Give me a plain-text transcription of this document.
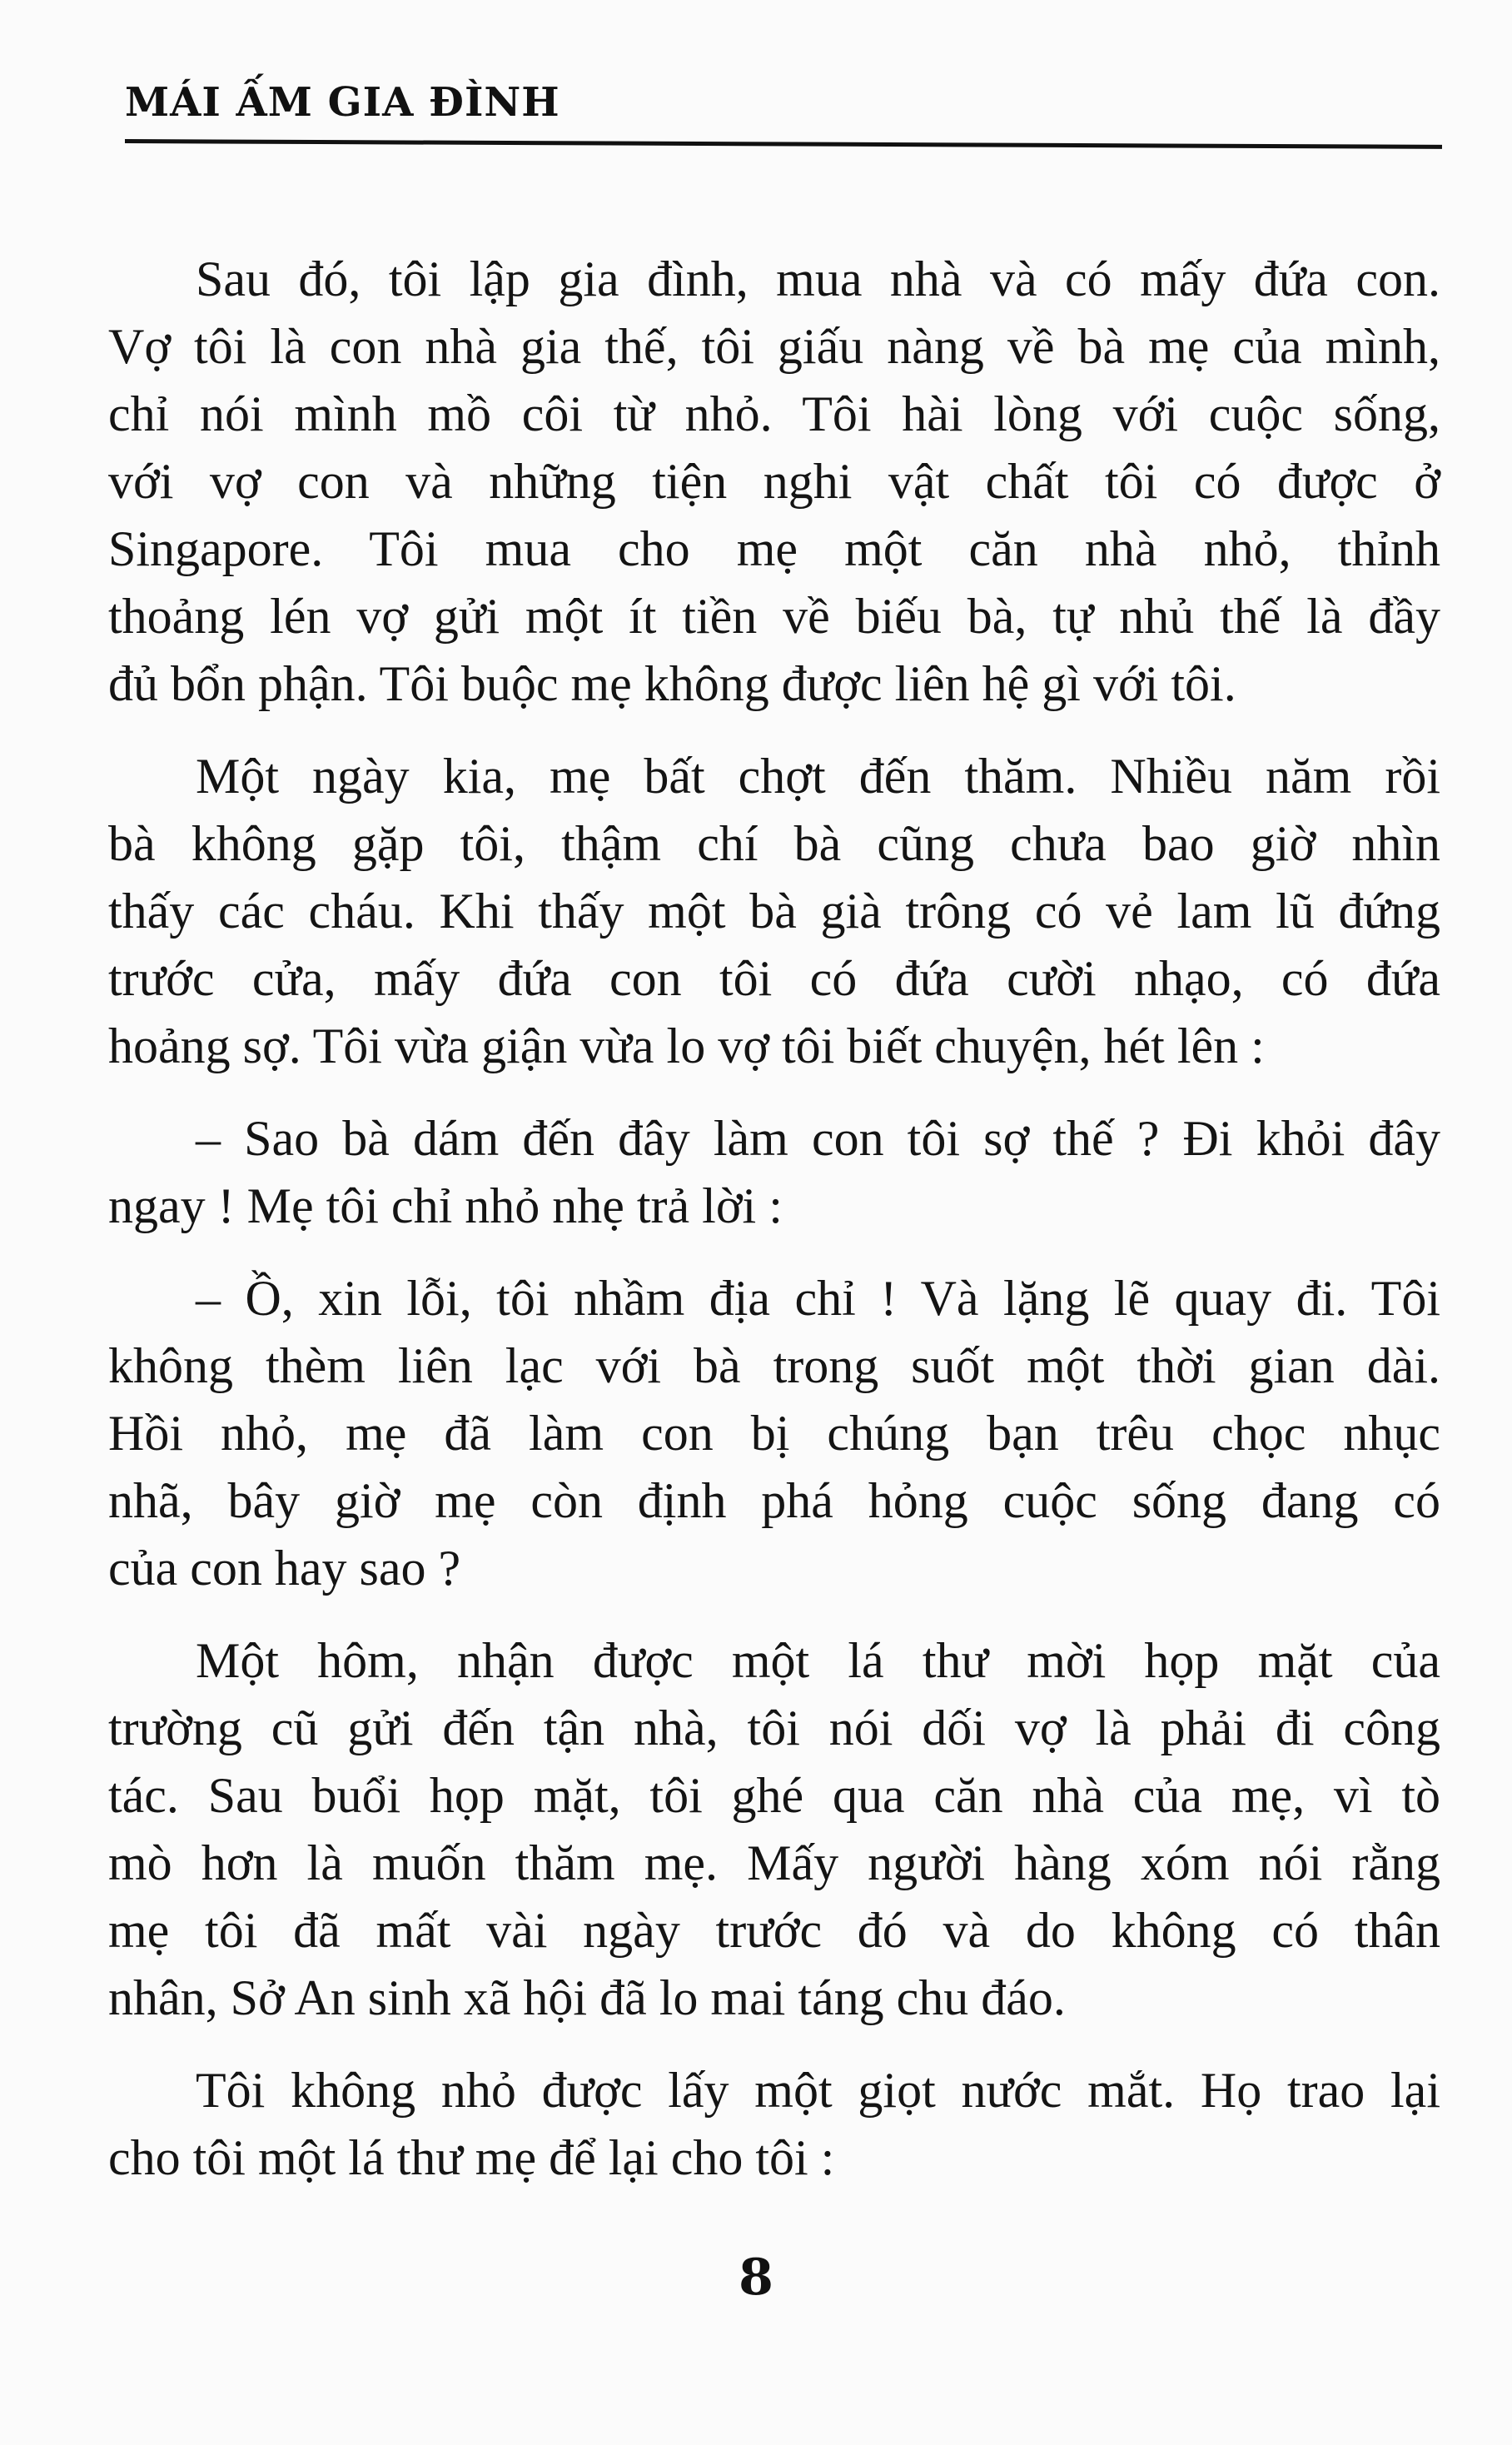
MÁI ẤM GIA ĐÌNH

Sau đó, tôi lập gia đình, mua nhà và có mấy đứa con.
Vợ tôi là con nhà gia thế, tôi giấu nàng về bà mẹ của mình,
chỉ nói mình mồ côi từ nhỏ. Tôi hài lòng với cuộc sống,
với vợ con và những tiện nghi vật chất tôi có được ở
Singapore. Tôi mua cho mẹ một căn nhà nhỏ, thỉnh
thoảng lén vợ gửi một ít tiền về biếu bà, tự nhủ thế là đầy
đủ bổn phận. Tôi buộc mẹ không được liên hệ gì với tôi.

Một ngày kia, mẹ bất chợt đến thăm. Nhiều năm rồi
bà không gặp tôi, thậm chí bà cũng chưa bao giờ nhìn
thấy các cháu. Khi thấy một bà già trông có vẻ lam lũ đứng
trước cửa, mấy đứa con tôi có đứa cười nhạo, có đứa
hoảng sợ. Tôi vừa giận vừa lo vợ tôi biết chuyện, hét lên :

– Sao bà dám đến đây làm con tôi sợ thế ? Đi khỏi đây
ngay ! Mẹ tôi chỉ nhỏ nhẹ trả lời :

– Ồ, xin lỗi, tôi nhầm địa chỉ ! Và lặng lẽ quay đi. Tôi
không thèm liên lạc với bà trong suốt một thời gian dài.
Hồi nhỏ, mẹ đã làm con bị chúng bạn trêu chọc nhục
nhã, bây giờ mẹ còn định phá hỏng cuộc sống đang có
của con hay sao ?

Một hôm, nhận được một lá thư mời họp mặt của
trường cũ gửi đến tận nhà, tôi nói dối vợ là phải đi công
tác. Sau buổi họp mặt, tôi ghé qua căn nhà của mẹ, vì tò
mò hơn là muốn thăm mẹ. Mấy người hàng xóm nói rằng
mẹ tôi đã mất vài ngày trước đó và do không có thân
nhân, Sở An sinh xã hội đã lo mai táng chu đáo.

Tôi không nhỏ được lấy một giọt nước mắt. Họ trao lại
cho tôi một lá thư mẹ để lại cho tôi :

8
